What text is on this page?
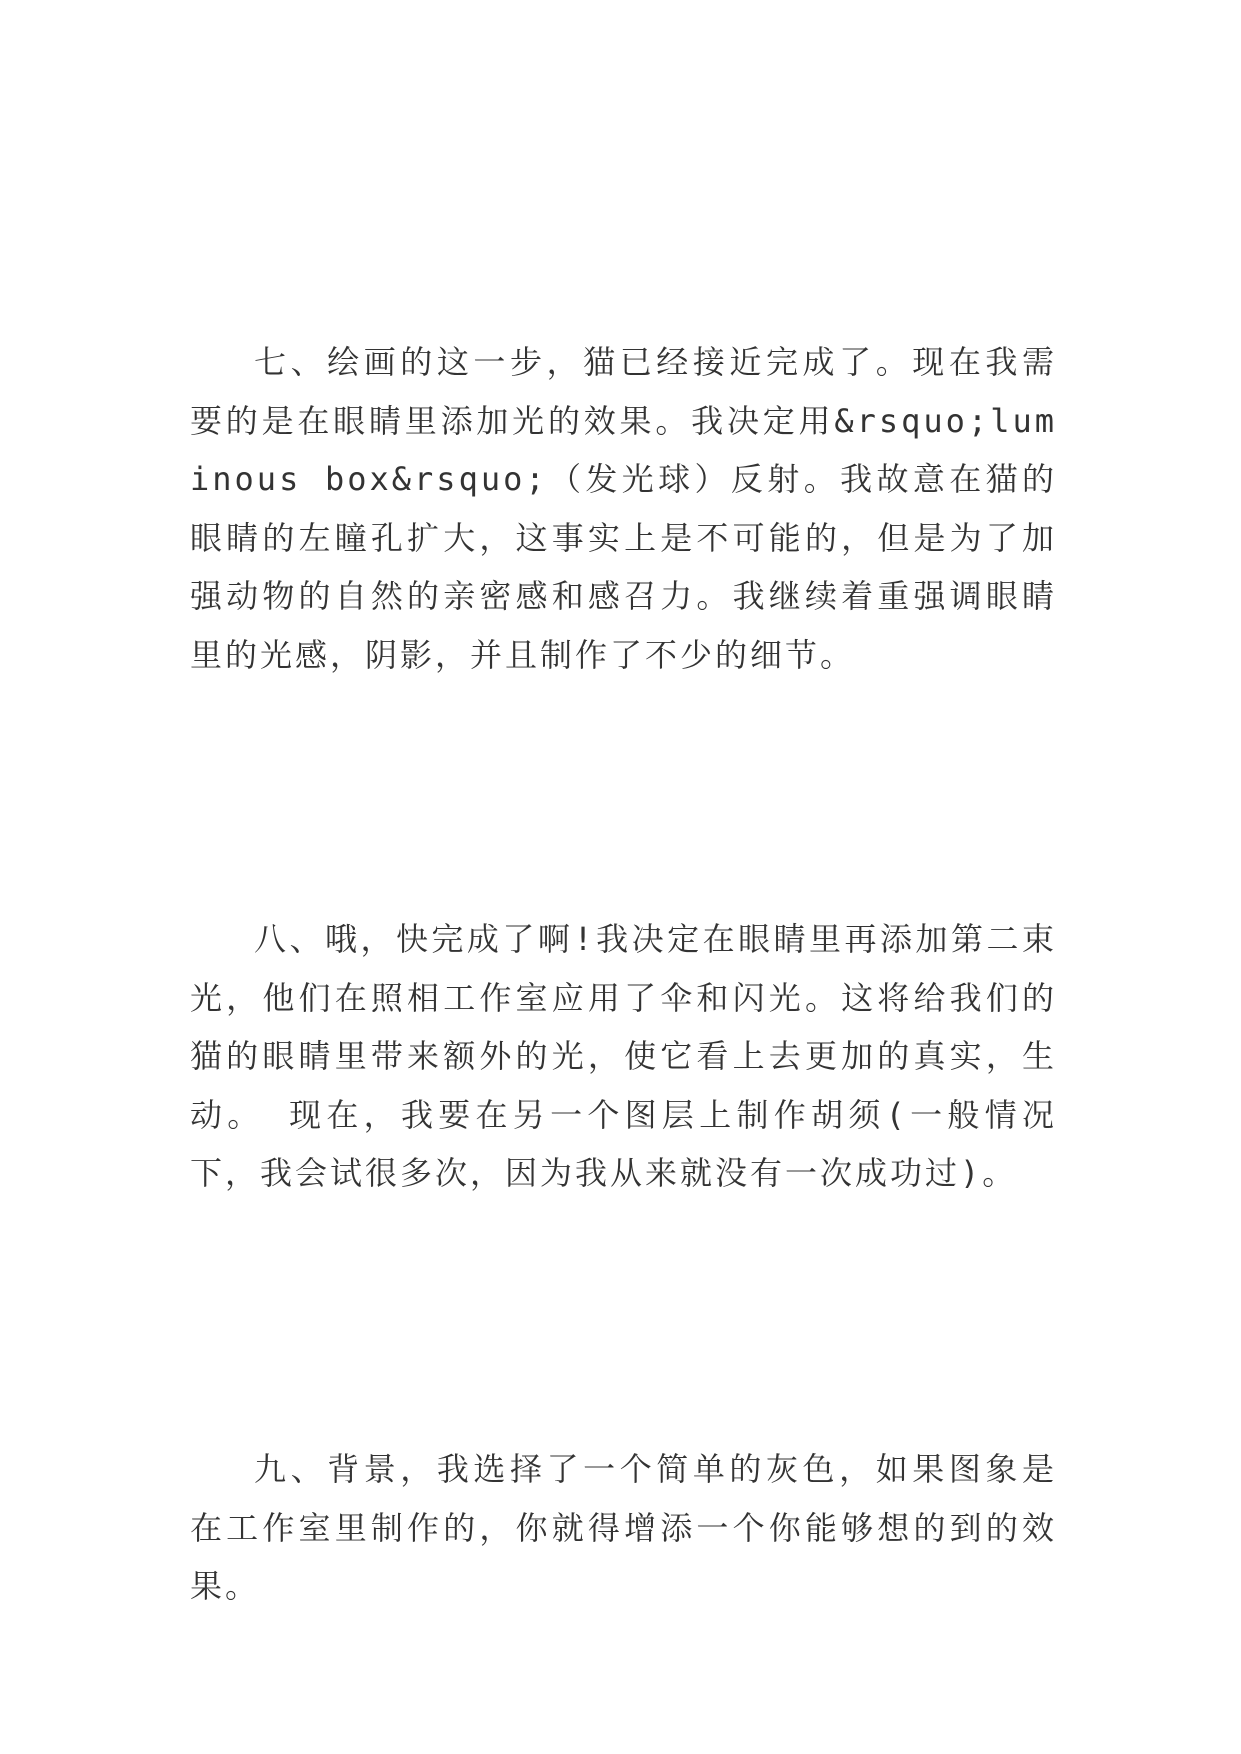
七、绘画的这一步，猫已经接近完成了。现在我需要的是在眼睛里添加光的效果。我决定用&rsquo;luminous box&rsquo;（发光球）反射。我故意在猫的眼睛的左瞳孔扩大，这事实上是不可能的，但是为了加强动物的自然的亲密感和感召力。我继续着重强调眼睛里的光感，阴影，并且制作了不少的细节。

八、哦，快完成了啊!我决定在眼睛里再添加第二束光，他们在照相工作室应用了伞和闪光。这将给我们的猫的眼睛里带来额外的光，使它看上去更加的真实，生动。 现在，我要在另一个图层上制作胡须(一般情况下，我会试很多次，因为我从来就没有一次成功过)。

九、背景，我选择了一个简单的灰色，如果图象是在工作室里制作的，你就得增添一个你能够想的到的效果。
